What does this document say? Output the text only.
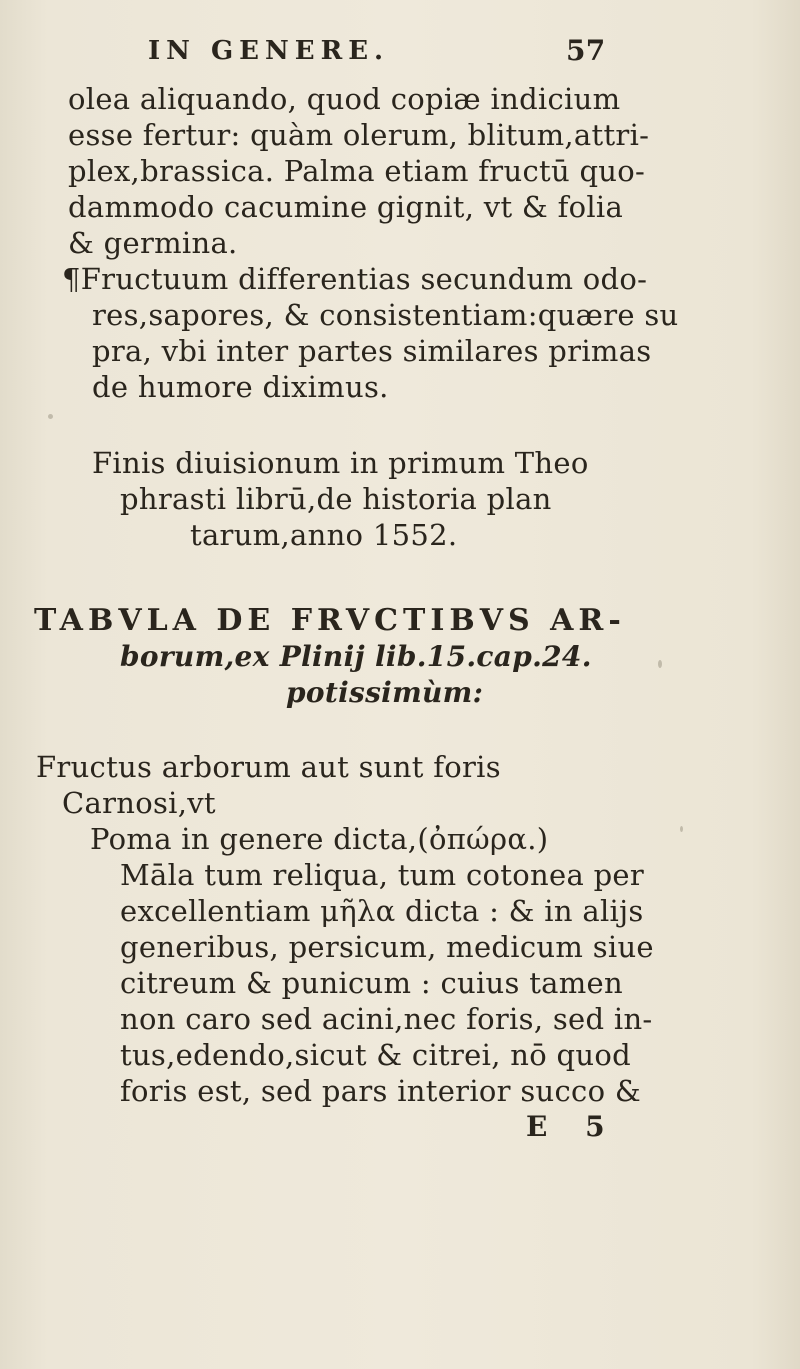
IN GENERE.	57
olea aliquando, quod copiæ indicium
esse fertur: quàm olerum, blitum,attri-
plex,brassica. Palma etiam fructū quo-
dammodo cacumine gignit, vt & folia
& germina.
¶Fructuum differentias secundum odo-
res,sapores, & consistentiam:quære su
pra, vbi inter partes similares primas
de humore diximus.
Finis diuisionum in primum Theo
phrasti librū,de historia plan
tarum,anno 1552.
TABVLA DE FRVCTIBVS AR-
borum,ex Plinij lib.15.cap.24.
potissimùm:
Fructus arborum aut sunt foris
Carnosi,vt
Poma in genere dicta,(ὀπώρα.)
Māla tum reliqua, tum cotonea per
excellentiam μῆλα dicta : & in alijs
generibus, persicum, medicum siue
citreum & punicum : cuius tamen
non caro sed acini,nec foris, sed in-
tus,edendo,sicut & citrei, nō quod
foris est, sed pars interior succo &
E 5
